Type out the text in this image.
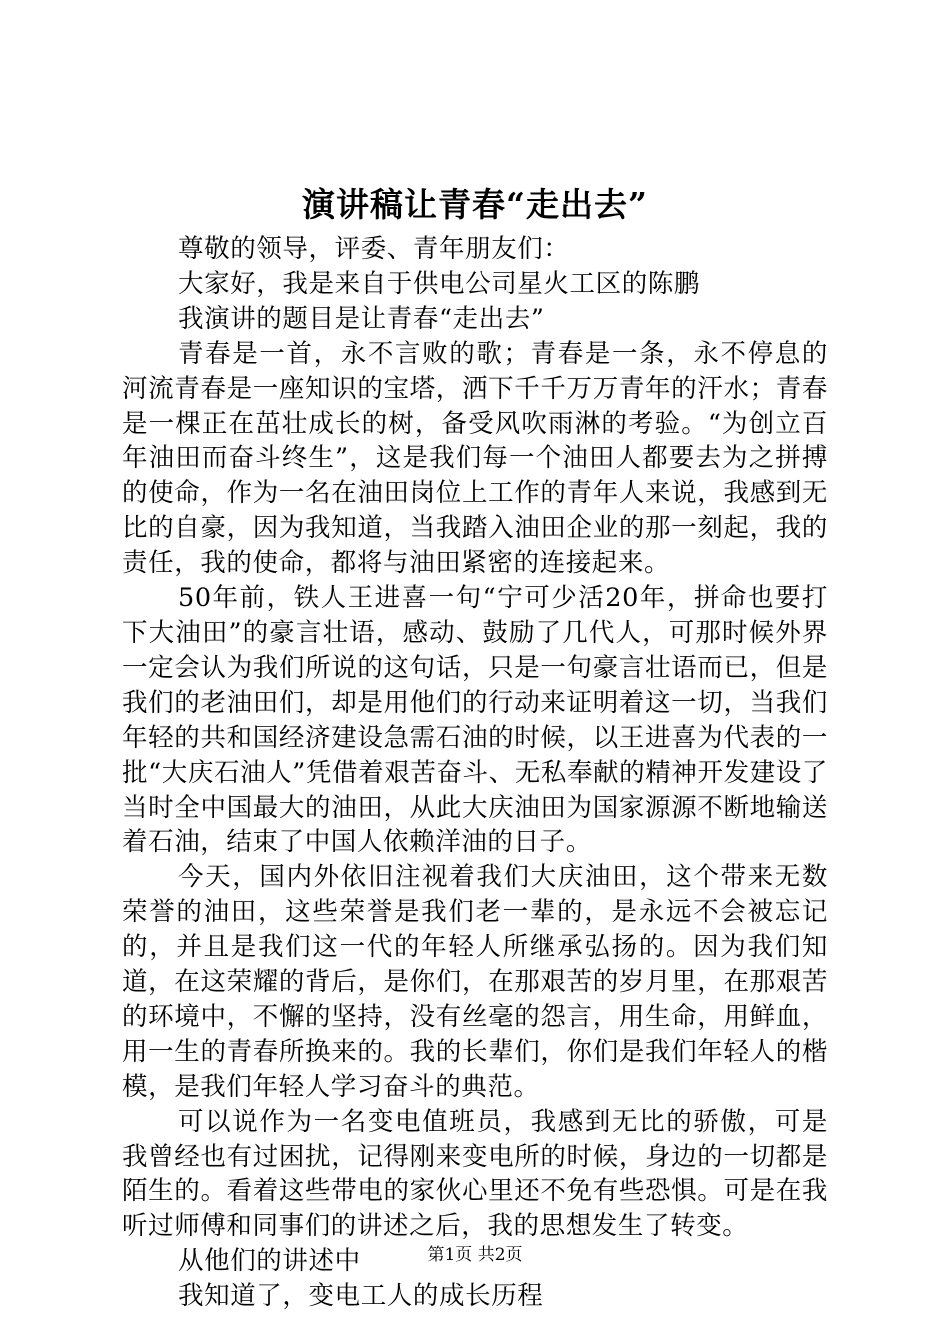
演讲稿让青春“走出去”

尊敬的领导，评委、青年朋友们：

大家好，我是来自于供电公司星火工区的陈鹏

我演讲的题目是让青春“走出去”

青春是一首，永不言败的歌；青春是一条，永不停息的河流青春是一座知识的宝塔，洒下千千万万青年的汗水；青春是一棵正在茁壮成长的树，备受风吹雨淋的考验。“为创立百年油田而奋斗终生”，这是我们每一个油田人都要去为之拼搏的使命，作为一名在油田岗位上工作的青年人来说，我感到无比的自豪，因为我知道，当我踏入油田企业的那一刻起，我的责任，我的使命，都将与油田紧密的连接起来。

50年前，铁人王进喜一句“宁可少活20年，拼命也要打下大油田”的豪言壮语，感动、鼓励了几代人，可那时候外界一定会认为我们所说的这句话，只是一句豪言壮语而已，但是我们的老油田们，却是用他们的行动来证明着这一切，当我们年轻的共和国经济建设急需石油的时候，以王进喜为代表的一批“大庆石油人”凭借着艰苦奋斗、无私奉献的精神开发建设了当时全中国最大的油田，从此大庆油田为国家源源不断地输送着石油，结束了中国人依赖洋油的日子。

今天，国内外依旧注视着我们大庆油田，这个带来无数荣誉的油田，这些荣誉是我们老一辈的，是永远不会被忘记的，并且是我们这一代的年轻人所继承弘扬的。因为我们知道，在这荣耀的背后，是你们，在那艰苦的岁月里，在那艰苦的环境中，不懈的坚持，没有丝毫的怨言，用生命，用鲜血，用一生的青春所换来的。我的长辈们，你们是我们年轻人的楷模，是我们年轻人学习奋斗的典范。

可以说作为一名变电值班员，我感到无比的骄傲，可是我曾经也有过困扰，记得刚来变电所的时候，身边的一切都是陌生的。看着这些带电的家伙心里还不免有些恐惧。可是在我听过师傅和同事们的讲述之后，我的思想发生了转变。

从他们的讲述中

我知道了，变电工人的成长历程

第1页 共2页
